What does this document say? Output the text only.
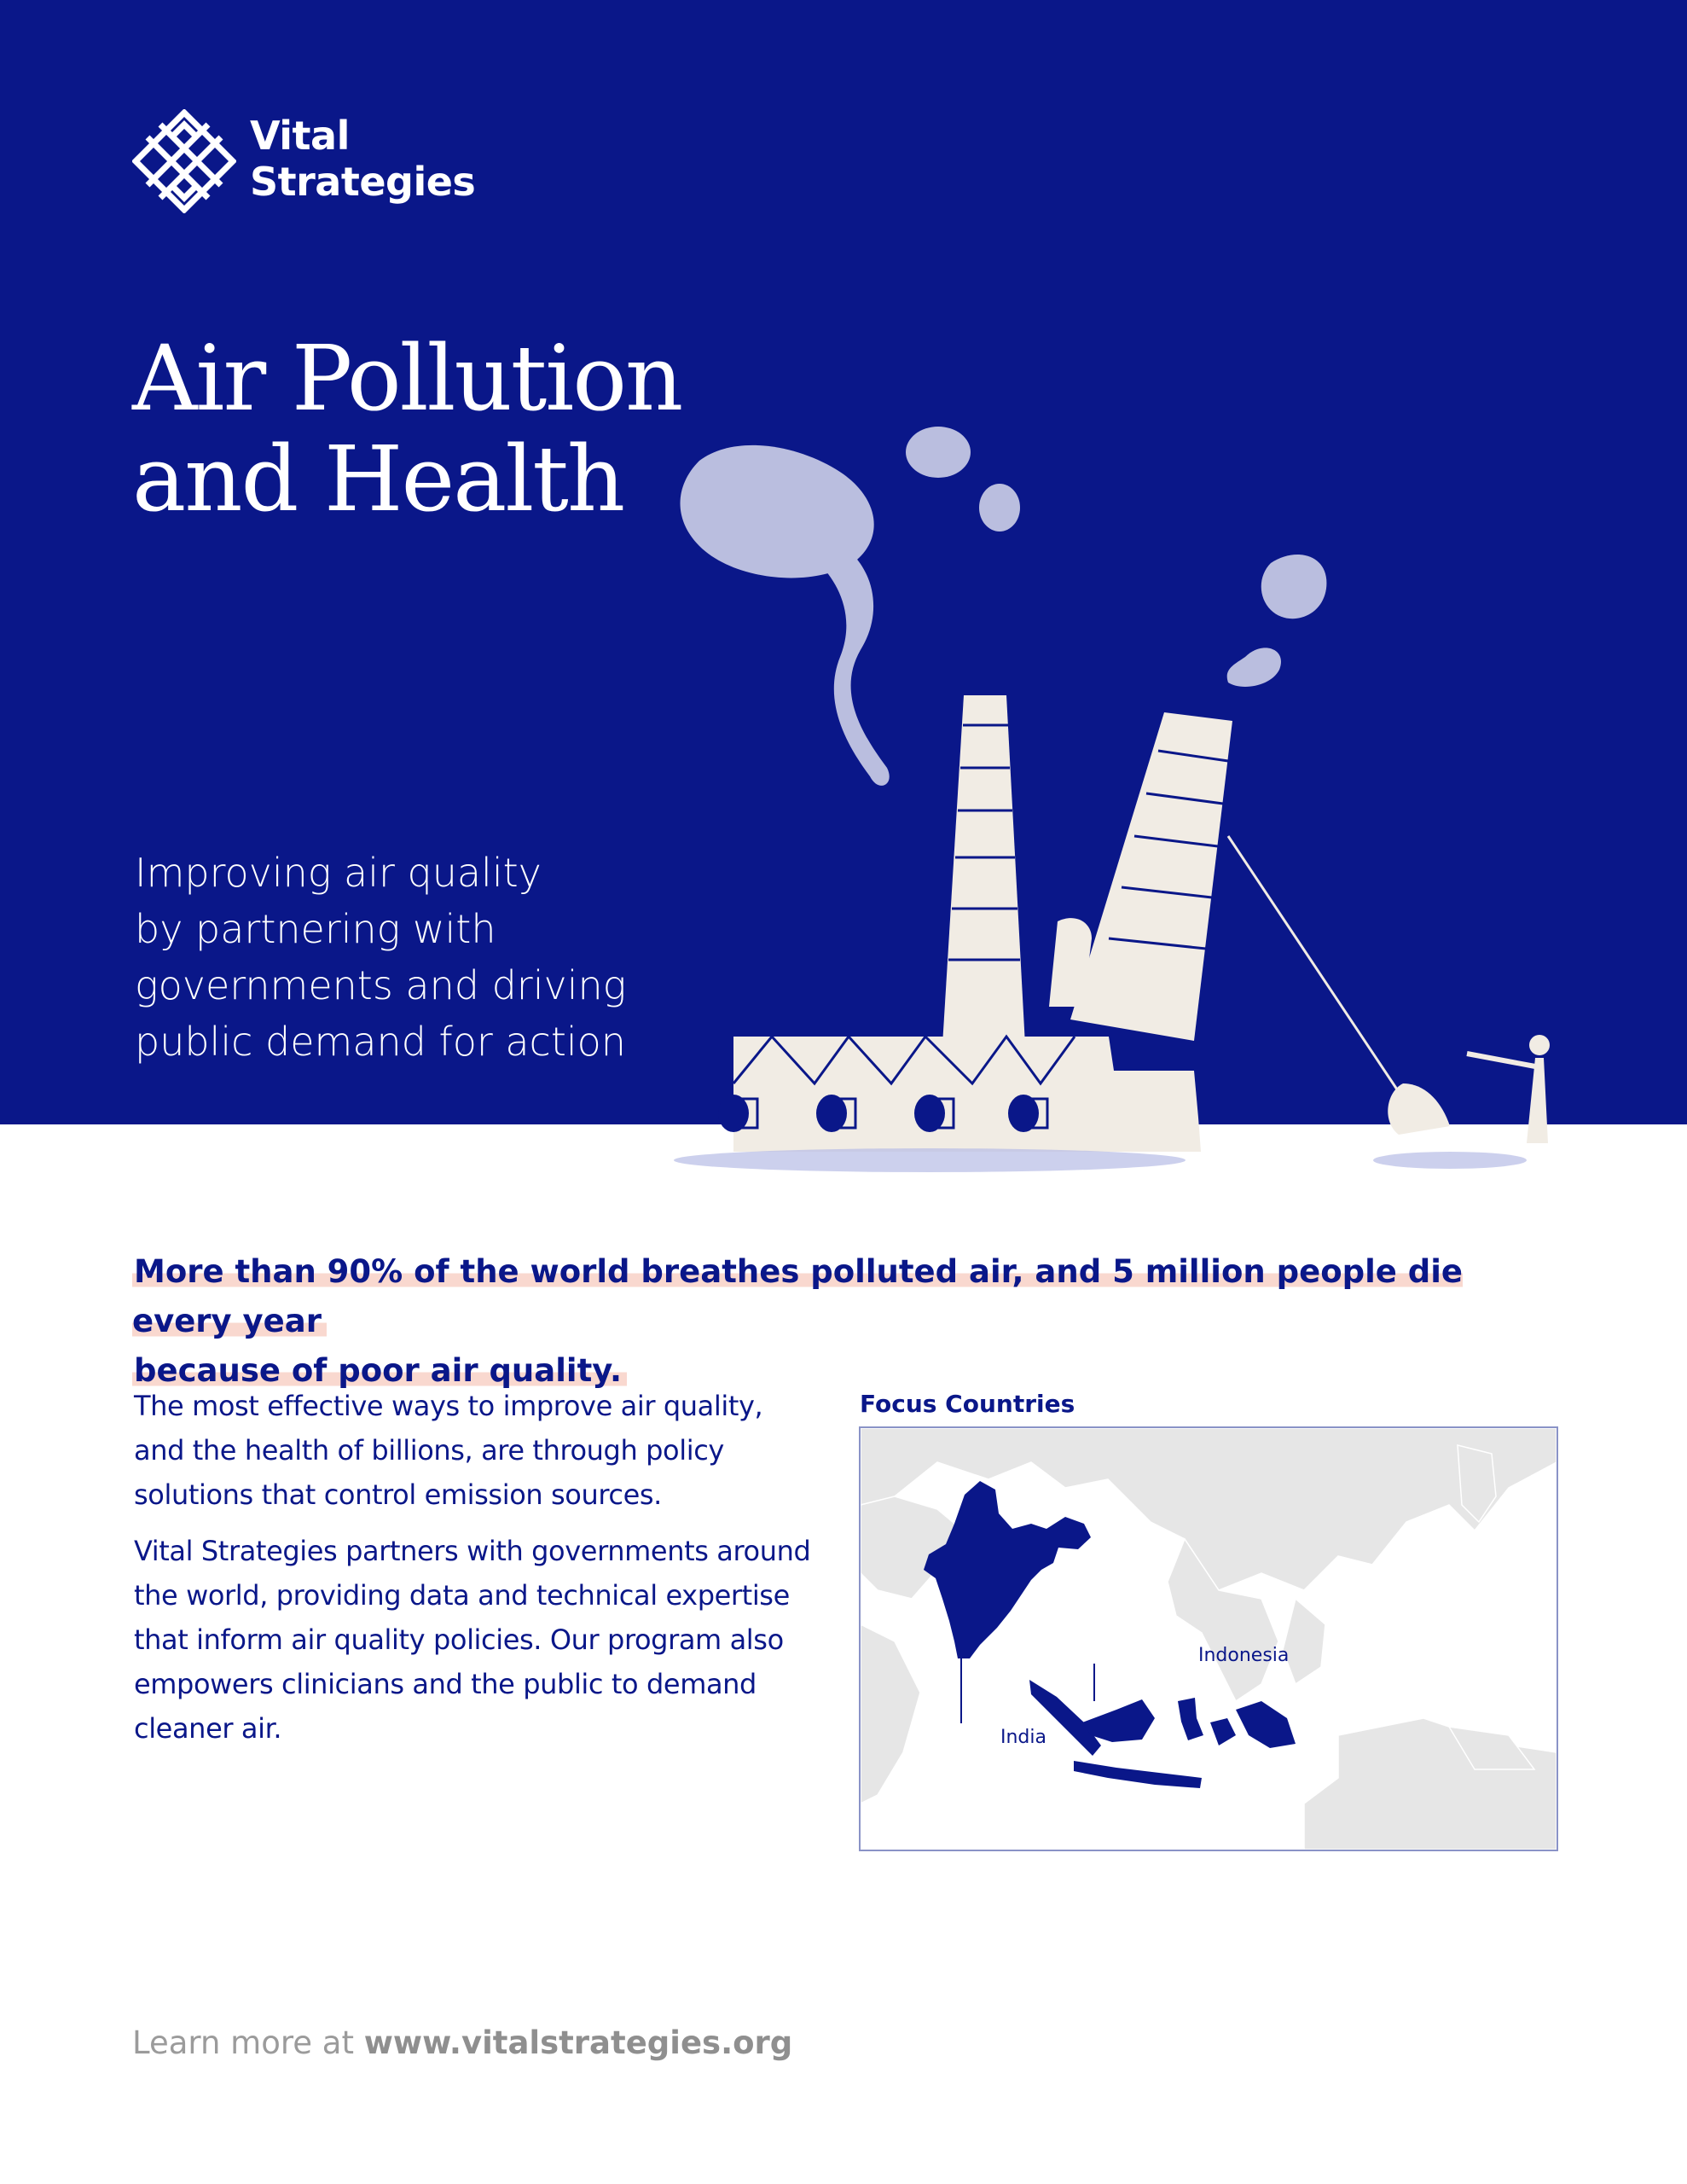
Vital
Strategies
Air Pollution
and Health
Improving air quality
by partnering with
governments and driving
public demand for action
More than 90% of the world breathes polluted air, and 5 million people die every year
because of poor air quality.

The most effective ways to improve air quality, and the health of billions, are through policy solutions that control emission sources.

Vital Strategies partners with governments around the world, providing data and technical expertise that inform air quality policies. Our program also empowers clinicians and the public to demand cleaner air.

Focus Countries
India
Indonesia
Learn more at www.vitalstrategies.org
